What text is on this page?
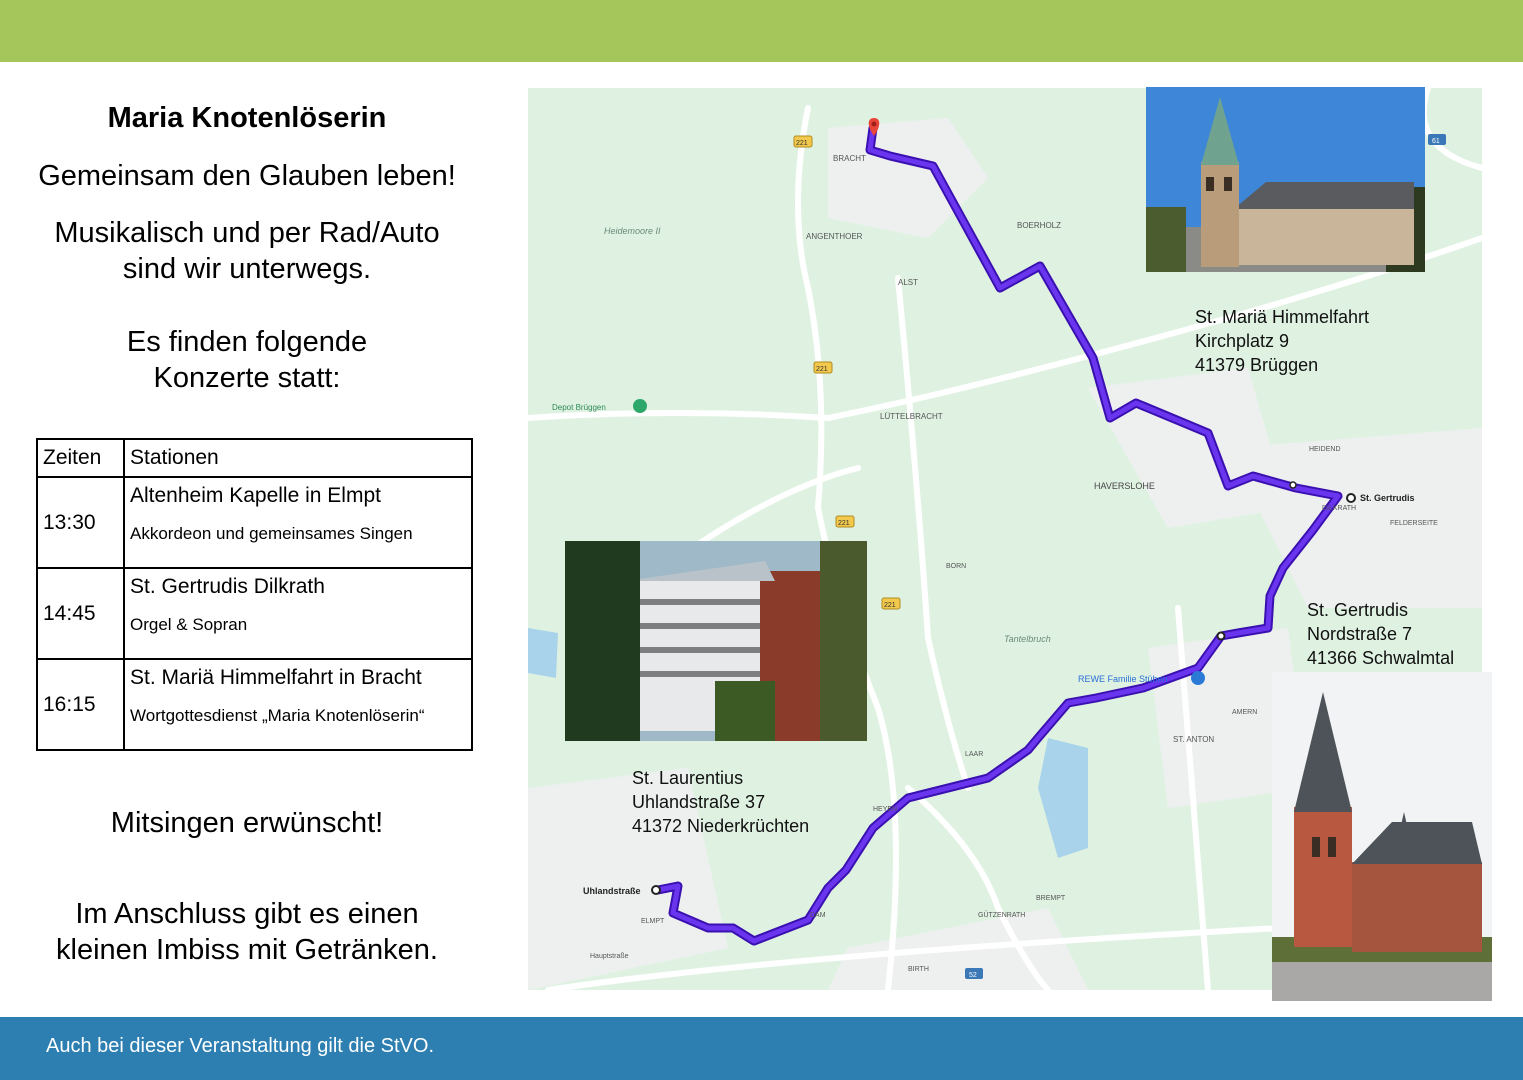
Maria Knotenlöserin
Gemeinsam den Glauben leben!
Musikalisch und per Rad/Auto
sind wir unterwegs.
Es finden folgende
Konzerte statt:
Zeiten	Stationen
13:30	Altenheim Kapelle in Elmpt
Akkordeon und gemeinsames Singen

14:45	St. Gertrudis Dilkrath
Orgel & Sopran

16:15	St. Mariä Himmelfahrt in Bracht
Wortgottesdienst „Maria Knotenlöserin“
Mitsingen erwünscht!
Im Anschluss gibt es einen
kleinen Imbiss mit Getränken.
221
221
221
221
52
61
BRACHT
Heidemoore II
ANGENTHOER
ALST
BOERHOLZ
LÜTTELBRACHT
HAVERSLOHE
St. Gertrudis
DILKRATH
FELDERSEITE
HEIDEND
Tantelbruch
REWE Familie Stüben
AMERN
ST. ANTON
LAAR
Uhlandstraße
ELMPT
DAM
BREMPT
GÜTZENRATH
BIRTH
BORN
HEYEN
Hauptstraße
Depot Brüggen
St. Mariä Himmelfahrt
Kirchplatz 9
41379 Brüggen
St. Gertrudis
Nordstraße 7
41366 Schwalmtal
St. Laurentius
Uhlandstraße 37
41372 Niederkrüchten
Auch bei dieser Veranstaltung gilt die StVO.
